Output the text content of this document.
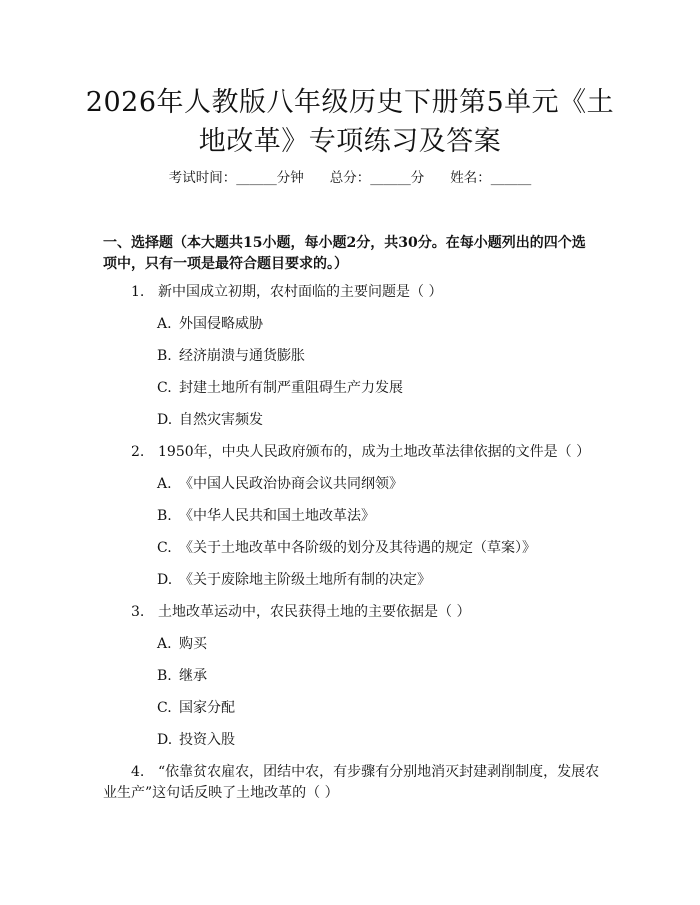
2026年人教版八年级历史下册第5单元《土
地改革》专项练习及答案
考试时间：______分钟 总分：______分 姓名：______
一、选择题（本大题共15小题，每小题2分，共30分。在每小题列出的四个选
项中，只有一项是最符合题目要求的。）
1. 新中国成立初期，农村面临的主要问题是（ ）
A. 外国侵略威胁
B. 经济崩溃与通货膨胀
C. 封建土地所有制严重阻碍生产力发展
D. 自然灾害频发
2. 1950年，中央人民政府颁布的，成为土地改革法律依据的文件是（ ）
A. 《中国人民政治协商会议共同纲领》
B. 《中华人民共和国土地改革法》
C. 《关于土地改革中各阶级的划分及其待遇的规定（草案）》
D. 《关于废除地主阶级土地所有制的决定》
3. 土地改革运动中，农民获得土地的主要依据是（ ）
A. 购买
B. 继承
C. 国家分配
D. 投资入股
4. “依靠贫农雇农，团结中农，有步骤有分别地消灭封建剥削制度，发展农
业生产”这句话反映了土地改革的（ ）
